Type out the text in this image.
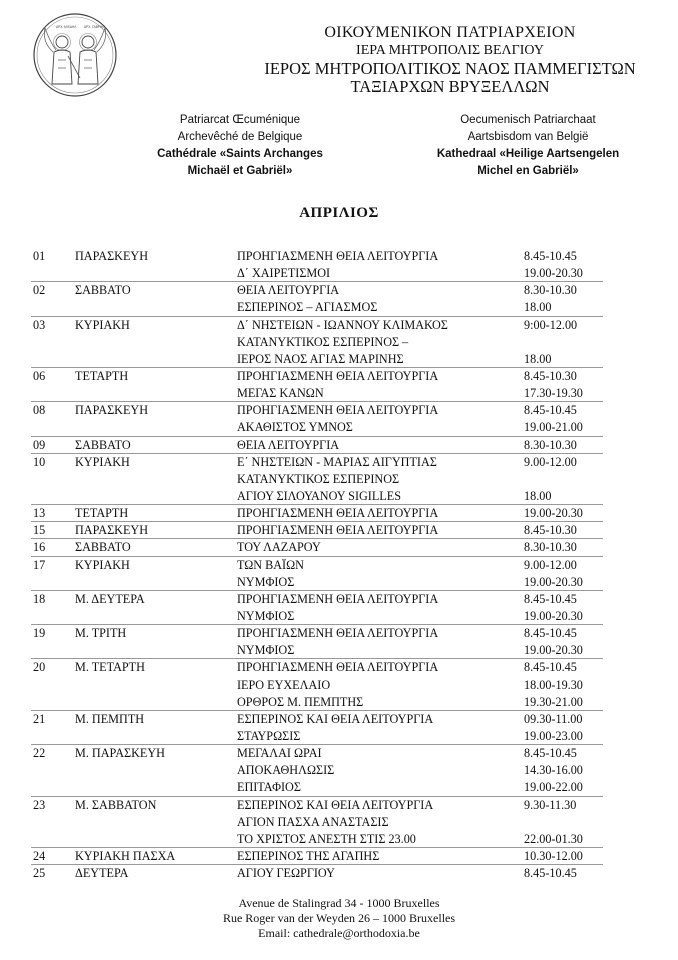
ΑΡΧ. ΜΙΧΑΗΛ ΑΡΧ. ΓΑΒΡΙΗΛ	ΟΙΚΟΥΜΕΝΙΚΟΝ ΠΑΤΡΙΑΡΧΕΙΟΝ
ΙΕΡΑ ΜΗΤΡΟΠΟΛΙΣ ΒΕΛΓΙΟΥ
ΙΕΡΟΣ ΜΗΤΡΟΠΟΛΙΤΙΚΟΣ ΝΑΟΣ ΠΑΜΜΕΓΙΣΤΩΝ
ΤΑΞΙΑΡΧΩΝ ΒΡΥΞΕΛΛΩΝ
Patriarcat Œcuménique
Archevêché de Belgique
Cathédrale «Saints Archanges
Michaël et Gabriël»
Oecumenisch Patriarchaat
Aartsbisdom van België
Kathedraal «Heilige Aartsengelen
Michel en Gabriël»
ΑΠΡΙΛΙΟΣ
01 ΠΑΡΑΣΚΕΥΗ	ΠΡΟΗΓΙΑΣΜΕΝΗ ΘΕΙΑ ΛΕΙΤΟΥΡΓΙΑ	8.45-10.45
Δ΄ ΧΑΙΡΕΤΙΣΜΟΙ	19.00-20.30
02 ΣΑΒΒΑΤΟ	ΘΕΙΑ ΛΕΙΤΟΥΡΓΙΑ	8.30-10.30
ΕΣΠΕΡΙΝΟΣ – ΑΓΙΑΣΜΟΣ	18.00
03 ΚΥΡΙΑΚΗ	Δ΄ ΝΗΣΤΕΙΩΝ - ΙΩΑΝΝΟΥ ΚΛΙΜΑΚΟΣ	9:00-12.00
ΚΑΤΑΝΥΚΤΙΚΟΣ ΕΣΠΕΡΙΝΟΣ –
ΙΕΡΟΣ ΝΑΟΣ ΑΓΙΑΣ ΜΑΡΙΝΗΣ	18.00
06 ΤΕΤΑΡΤΗ	ΠΡΟΗΓΙΑΣΜΕΝΗ ΘΕΙΑ ΛΕΙΤΟΥΡΓΙΑ	8.45-10.30
ΜΕΓΑΣ ΚΑΝΩΝ	17.30-19.30
08 ΠΑΡΑΣΚΕΥΗ	ΠΡΟΗΓΙΑΣΜΕΝΗ ΘΕΙΑ ΛΕΙΤΟΥΡΓΙΑ	8.45-10.45
ΑΚΑΘΙΣΤΟΣ ΥΜΝΟΣ	19.00-21.00
09 ΣΑΒΒΑΤΟ	ΘΕΙΑ ΛΕΙΤΟΥΡΓΙΑ	8.30-10.30
10 ΚΥΡΙΑΚΗ	Ε΄ ΝΗΣΤΕΙΩΝ - ΜΑΡΙΑΣ ΑΙΓΥΠΤΙΑΣ	9.00-12.00
ΚΑΤΑΝΥΚΤΙΚΟΣ ΕΣΠΕΡΙΝΟΣ
ΑΓΙΟΥ ΣΙΛΟΥΑΝΟΥ SIGILLES	18.00
13 ΤΕΤΑΡΤΗ	ΠΡΟΗΓΙΑΣΜΕΝΗ ΘΕΙΑ ΛΕΙΤΟΥΡΓΙΑ	19.00-20.30
15 ΠΑΡΑΣΚΕΥΗ	ΠΡΟΗΓΙΑΣΜΕΝΗ ΘΕΙΑ ΛΕΙΤΟΥΡΓΙΑ	8.45-10.30
16 ΣΑΒΒΑΤΟ	ΤΟΥ ΛΑΖΑΡΟΥ	8.30-10.30
17 ΚΥΡΙΑΚΗ	ΤΩΝ ΒΑΪΩΝ	9.00-12.00
ΝΥΜΦΙΟΣ	19.00-20.30
18 Μ. ΔΕΥΤΕΡΑ	ΠΡΟΗΓΙΑΣΜΕΝΗ ΘΕΙΑ ΛΕΙΤΟΥΡΓΙΑ	8.45-10.45
ΝΥΜΦΙΟΣ	19.00-20.30
19 Μ. ΤΡΙΤΗ	ΠΡΟΗΓΙΑΣΜΕΝΗ ΘΕΙΑ ΛΕΙΤΟΥΡΓΙΑ	8.45-10.45
ΝΥΜΦΙΟΣ	19.00-20.30
20 Μ. ΤΕΤΑΡΤΗ	ΠΡΟΗΓΙΑΣΜΕΝΗ ΘΕΙΑ ΛΕΙΤΟΥΡΓΙΑ	8.45-10.45
ΙΕΡΟ ΕΥΧΕΛΑΙΟ	18.00-19.30
ΟΡΘΡΟΣ Μ. ΠΕΜΠΤΗΣ	19.30-21.00
21 Μ. ΠΕΜΠΤΗ	ΕΣΠΕΡΙΝΟΣ ΚΑΙ ΘΕΙΑ ΛΕΙΤΟΥΡΓΙΑ	09.30-11.00
ΣΤΑΥΡΩΣΙΣ	19.00-23.00
22 Μ. ΠΑΡΑΣΚΕΥΗ	ΜΕΓΑΛΑΙ ΩΡΑΙ	8.45-10.45
ΑΠΟΚΑΘΗΛΩΣΙΣ	14.30-16.00
ΕΠΙΤΑΦΙΟΣ	19.00-22.00
23 Μ. ΣΑΒΒΑΤΟΝ	ΕΣΠΕΡΙΝΟΣ ΚΑΙ ΘΕΙΑ ΛΕΙΤΟΥΡΓΙΑ	9.30-11.30
ΑΓΙΟΝ ΠΑΣΧΑ ΑΝΑΣΤΑΣΙΣ
ΤΟ ΧΡΙΣΤΟΣ ΑΝΕΣΤΗ ΣΤΙΣ 23.00	22.00-01.30
24 ΚΥΡΙΑΚΗ ΠΑΣΧΑ	ΕΣΠΕΡΙΝΟΣ ΤΗΣ ΑΓΑΠΗΣ	10.30-12.00
25 ΔΕΥΤΕΡΑ	ΑΓΙΟΥ ΓΕΩΡΓΙΟΥ	8.45-10.45
Avenue de Stalingrad 34 - 1000 Bruxelles
Rue Roger van der Weyden 26 – 1000 Bruxelles
Email: cathedrale@orthodoxia.be
